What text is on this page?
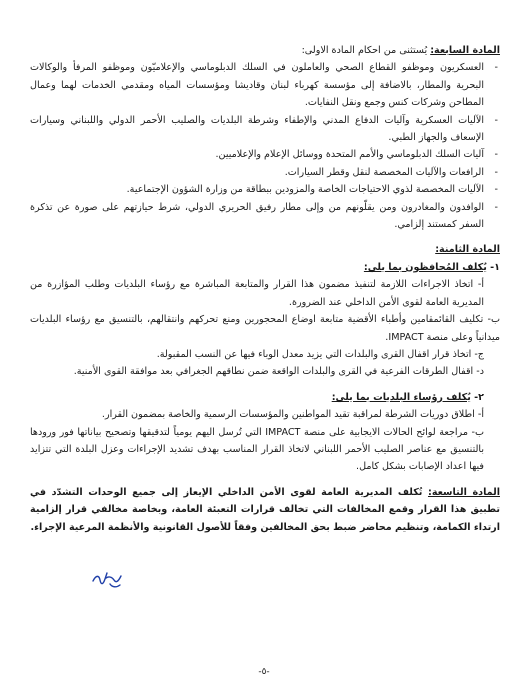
المادة السابعة: يُستثنى من احكام المادة الاولى:

- العسكريون وموظفو القطاع الصحي والعاملون في السلك الدبلوماسي والإعلاميّون وموظفو المرفأ والوكالات البحرية والمطار، بالاضافة إلى مؤسسة كهرباء لبنان وقاديشا ومؤسسات المياه ومقدمي الخدمات لهما وعمال المطاحن وشركات كنس وجمع ونقل النفايات.
- الآليات العسكرية وآليات الدفاع المدني والإطفاء وشرطة البلديات والصليب الأحمر الدولي واللبناني وسيارات الإسعاف والجهاز الطبي.
- آليات السلك الدبلوماسي والأمم المتحدة ووسائل الإعلام والإعلاميين.
- الرافعات والآليات المخصصة لنقل وقطر السيارات.
- الآليات المخصصة لذوي الاحتياجات الخاصة والمزودين ببطاقة من وزارة الشؤون الإجتماعية.
- الوافدون والمغادرون ومن يقلّونهم من وإلى مطار رفيق الحريري الدولي، شرط حيازتهم على صورة عن تذكرة السفر كمستند إلزامي.

المادة الثامنة:

١- يُكلف المُحافظون بما يلي:

أ- اتخاذ الاجراءات اللازمة لتنفيذ مضمون هذا القرار والمتابعة المباشرة مع رؤساء البلديات وطلب المؤازرة من المديرية العامة لقوى الأمن الداخلي عند الضرورة.

ب- تكليف القائمقامين وأطباء الأقضية متابعة اوضاع المحجورين ومنع تحركهم وانتقالهم، بالتنسيق مع رؤساء البلديات ميدانياً وعلى منصة IMPACT.

ج- اتخاذ قرار اقفال القرى والبلدات التي يزيد معدل الوباء فيها عن النسب المقبولة.

د- اقفال الطرقات الفرعية في القرى والبلدات الواقعة ضمن نطاقهم الجغرافي بعد موافقة القوى الأمنية.

٢- يُكلف رؤساء البلديات بما يلي:

أ- اطلاق دوريات الشرطة لمراقبة تقيد المواطنين والمؤسسات الرسمية والخاصة بمضمون القرار.

ب- مراجعة لوائح الحالات الايجابية على منصة IMPACT التي تُرسل اليهم يومياً لتدقيقها وتصحيح بياناتها فور ورودها بالتنسيق مع عناصر الصليب الأحمر اللبناني لاتخاذ القرار المناسب بهدف تشديد الإجراءات وعزل البلدة التي تتزايد فيها اعداد الإصابات بشكل كامل.

المادة التاسعة: تُكلف المديرية العامة لقوى الأمن الداخلي الإيعاز إلى جميع الوحدات التشدّد في تطبيق هذا القرار وقمع المخالفات التي تخالف قرارات التعبئة العامة، وبخاصة مخالفي قرار إلزامية ارتداء الكمامة، وتنظيم محاضر ضبط بحق المخالفين وفقاً للأصول القانونية والأنظمة المرعية الإجراء.

-٥-
